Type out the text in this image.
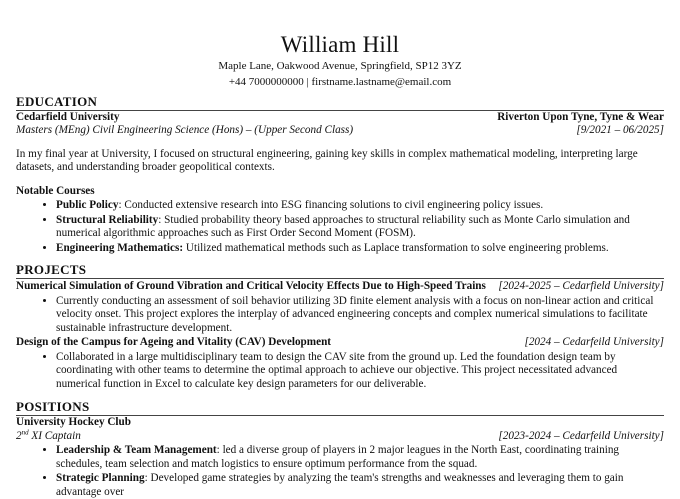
William Hill
Maple Lane, Oakwood Avenue, Springfield, SP12 3YZ
+44 7000000000 | firstname.lastname@email.com
EDUCATION
Cedarfield University	Riverton Upon Tyne, Tyne & Wear
Masters (MEng) Civil Engineering Science (Hons) – (Upper Second Class)	[9/2021 – 06/2025]

In my final year at University, I focused on structural engineering, gaining key skills in complex mathematical modeling, interpreting large datasets, and understanding broader geopolitical contexts.

Notable Courses
• Public Policy: Conducted extensive research into ESG financing solutions to civil engineering policy issues.
• Structural Reliability: Studied probability theory based approaches to structural reliability such as Monte Carlo simulation and numerical algorithmic approaches such as First Order Second Moment (FOSM).
• Engineering Mathematics: Utilized mathematical methods such as Laplace transformation to solve engineering problems.
PROJECTS
Numerical Simulation of Ground Vibration and Critical Velocity Effects Due to High-Speed Trains [2024-2025 – Cedarfield University]
• Currently conducting an assessment of soil behavior utilizing 3D finite element analysis with a focus on non-linear action and critical velocity onset. This project explores the interplay of advanced engineering concepts and complex numerical simulations to facilitate sustainable infrastructure development.
Design of the Campus for Ageing and Vitality (CAV) Development	[2024 – Cedarfeild University]
• Collaborated in a large multidisciplinary team to design the CAV site from the ground up. Led the foundation design team by coordinating with other teams to determine the optimal approach to achieve our objective. This project necessitated advanced numerical function in Excel to calculate key design parameters for our deliverable.
POSITIONS
University Hockey Club
2nd XI Captain	[2023-2024 – Cedarfeild University]
• Leadership & Team Management: led a diverse group of players in 2 major leagues in the North East, coordinating training schedules, team selection and match logistics to ensure optimum performance from the squad.
• Strategic Planning: Developed game strategies by analyzing the team's strengths and weaknesses and leveraging them to gain advantage over
